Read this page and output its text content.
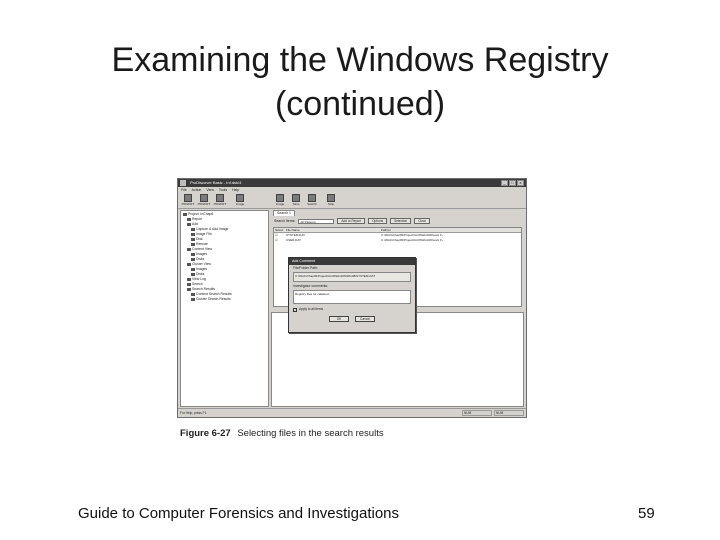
Examining the Windows Registry
(continued)
ProDiscover Basic - Inf.dsk/4	_	□	x
File Action View Tools Help
PFD/DFT PFD/DFT PFD/DFT	Image	Image	Save	Search	Stop
Project: InChap6
Report
Add
Capture & Add Image
Image File
Disk
Remote
Content View
Images
Disks
Cluster View
Images
Disks
View Log
Search
Search Results
Content Search Results
Cluster Search Results
Search 1
Search items:	All Patterns	Add to Report	Options	Selection	Clear
Select File Name	Path(s)
☑	SYSTEM.DAT	C:\Work\Chap06\Project\GCR\Work06\work 1\...
☑	USER.DAT	C:\Work\Chap06\Project\GCR\Work06\work 1\...
Add Comment
File/Folder Path:
C:\Work\Chap06\Project\GCR\Work06\Win98\SYSTEM.DAT
Investigator comments:
Registry files for cataloed
✓ Apply to all items
OK	Cancel
For Help, press F1	NUM	NUM
Figure 6-27 Selecting files in the search results
Guide to Computer Forensics and Investigations	59
